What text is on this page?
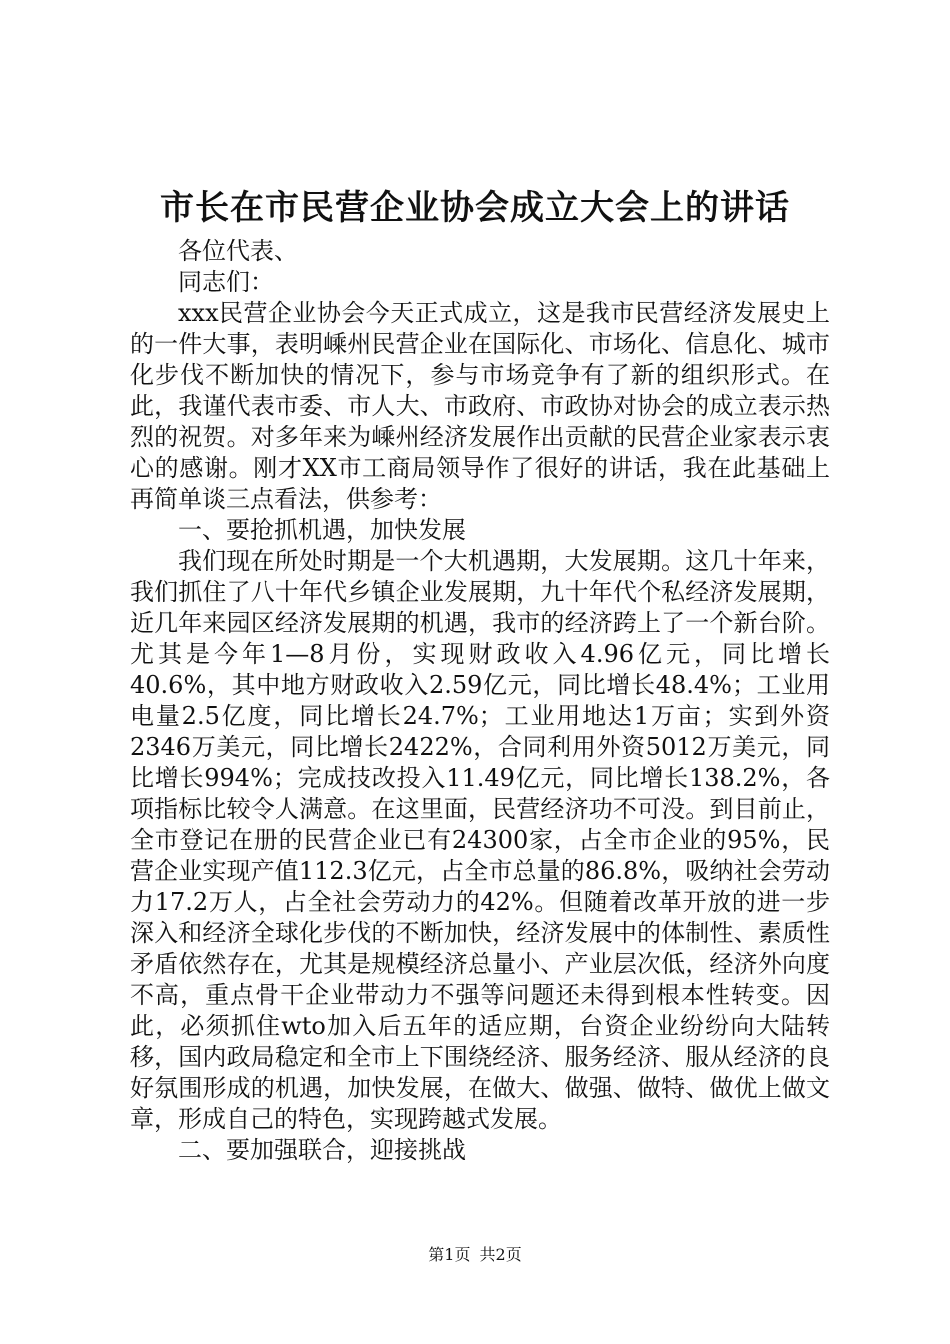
市长在市民营企业协会成立大会上的讲话

各位代表、

同志们：

xxx民营企业协会今天正式成立，这是我市民营经济发展史上的一件大事，表明嵊州民营企业在国际化、市场化、信息化、城市化步伐不断加快的情况下，参与市场竞争有了新的组织形式。在此，我谨代表市委、市人大、市政府、市政协对协会的成立表示热烈的祝贺。对多年来为嵊州经济发展作出贡献的民营企业家表示衷心的感谢。刚才XX市工商局领导作了很好的讲话，我在此基础上再简单谈三点看法，供参考：

一、要抢抓机遇，加快发展

我们现在所处时期是一个大机遇期，大发展期。这几十年来，我们抓住了八十年代乡镇企业发展期，九十年代个私经济发展期，近几年来园区经济发展期的机遇，我市的经济跨上了一个新台阶。尤其是今年1—8月份，实现财政收入4.96亿元，同比增长40.6%，其中地方财政收入2.59亿元，同比增长48.4%；工业用电量2.5亿度，同比增长24.7%；工业用地达1万亩；实到外资2346万美元，同比增长2422%，合同利用外资5012万美元，同比增长994%；完成技改投入11.49亿元，同比增长138.2%，各项指标比较令人满意。在这里面，民营经济功不可没。到目前止，全市登记在册的民营企业已有24300家，占全市企业的95%，民营企业实现产值112.3亿元，占全市总量的86.8%，吸纳社会劳动力17.2万人，占全社会劳动力的42%。但随着改革开放的进一步深入和经济全球化步伐的不断加快，经济发展中的体制性、素质性矛盾依然存在，尤其是规模经济总量小、产业层次低，经济外向度不高，重点骨干企业带动力不强等问题还未得到根本性转变。因此，必须抓住wto加入后五年的适应期，台资企业纷纷向大陆转移，国内政局稳定和全市上下围绕经济、服务经济、服从经济的良好氛围形成的机遇，加快发展，在做大、做强、做特、做优上做文章，形成自己的特色，实现跨越式发展。

二、要加强联合，迎接挑战

第1页 共2页
